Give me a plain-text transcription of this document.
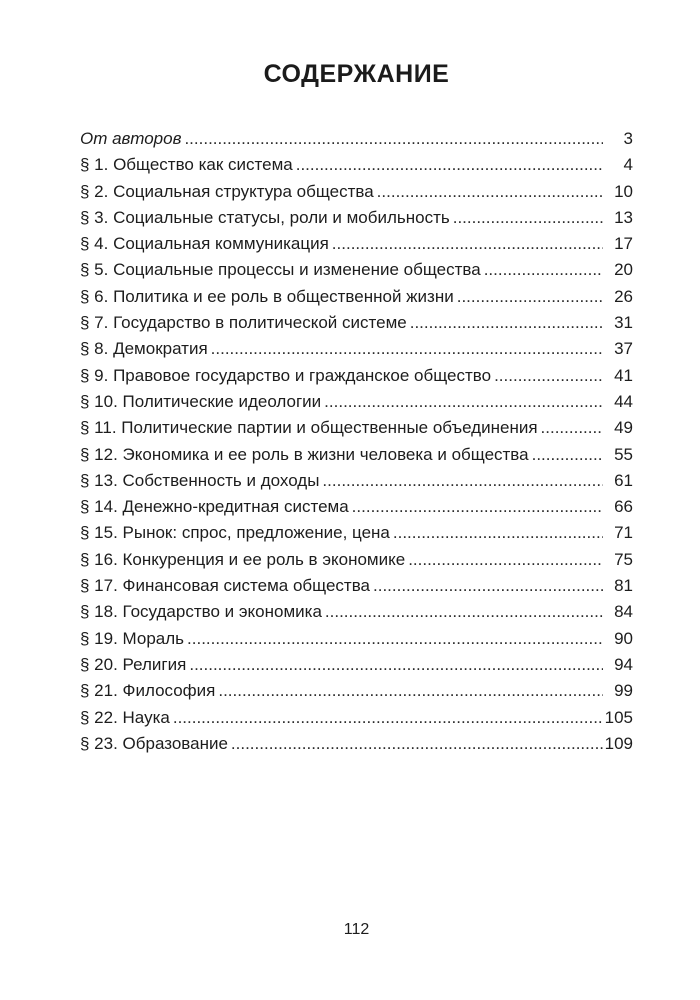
СОДЕРЖАНИЕ
От авторов .....	3
§ 1. Общество как система .....	4
§ 2. Социальная структура общества .....	10
§ 3. Социальные статусы, роли и мобильность .....	13
§ 4. Социальная коммуникация .....	17
§ 5. Социальные процессы и изменение общества .....	20
§ 6. Политика и ее роль в общественной жизни .....	26
§ 7. Государство в политической системе .....	31
§ 8. Демократия .....	37
§ 9. Правовое государство и гражданское общество .....	41
§ 10. Политические идеологии .....	44
§ 11. Политические партии и общественные объединения .....	49
§ 12. Экономика и ее роль в жизни человека и общества .....	55
§ 13. Собственность и доходы .....	61
§ 14. Денежно-кредитная система .....	66
§ 15. Рынок: спрос, предложение, цена .....	71
§ 16. Конкуренция и ее роль в экономике .....	75
§ 17. Финансовая система общества .....	81
§ 18. Государство и экономика .....	84
§ 19. Мораль .....	90
§ 20. Религия .....	94
§ 21. Философия .....	99
§ 22. Наука .....	105
§ 23. Образование .....	109
112
